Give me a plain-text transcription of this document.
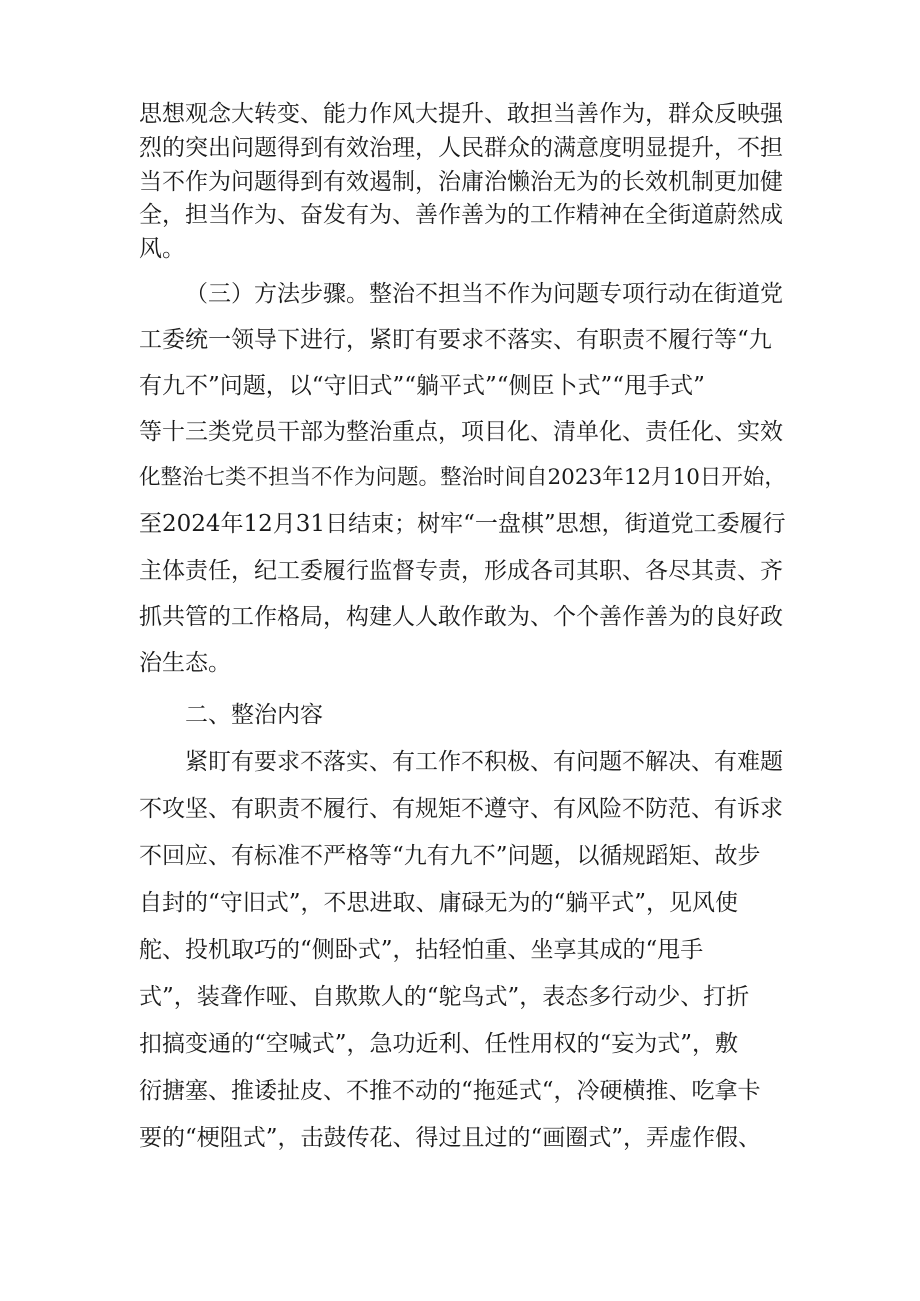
思想观念大转变、能力作风大提升、敢担当善作为，群众反映强
烈的突出问题得到有效治理，人民群众的满意度明显提升，不担
当不作为问题得到有效遏制，治庸治懒治无为的长效机制更加健
全，担当作为、奋发有为、善作善为的工作精神在全街道蔚然成
风。
（三）方法步骤。整治不担当不作为问题专项行动在街道党
工委统一领导下进行，紧盯有要求不落实、有职责不履行等“九
有九不”问题，以“守旧式”“躺平式”“侧臣卜式”“甩手式”
等十三类党员干部为整治重点，项目化、清单化、责任化、实效
化整治七类不担当不作为问题。整治时间自2023年12月10日开始，
至2024年12月31日结束；树牢“一盘棋”思想，街道党工委履行
主体责任，纪工委履行监督专责，形成各司其职、各尽其责、齐
抓共管的工作格局，构建人人敢作敢为、个个善作善为的良好政
治生态。
二、整治内容
紧盯有要求不落实、有工作不积极、有问题不解决、有难题
不攻坚、有职责不履行、有规矩不遵守、有风险不防范、有诉求
不回应、有标准不严格等“九有九不”问题，以循规蹈矩、故步
自封的“守旧式”，不思进取、庸碌无为的“躺平式”，见风使
舵、投机取巧的“侧卧式”，拈轻怕重、坐享其成的“甩手
式”，装聋作哑、自欺欺人的“鸵鸟式”，表态多行动少、打折
扣搞变通的“空喊式”，急功近利、任性用权的“妄为式”，敷
衍搪塞、推诿扯皮、不推不动的“拖延式“，冷硬横推、吃拿卡
要的“梗阻式”，击鼓传花、得过且过的“画圈式”，弄虚作假、
